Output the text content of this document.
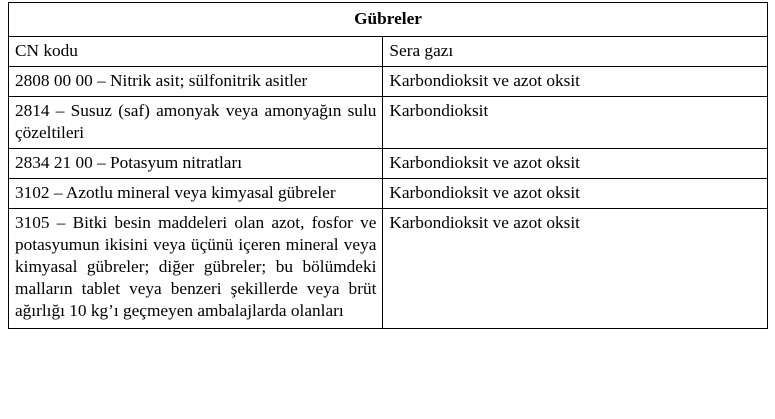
Gübreler	
CN kodu	Sera gazı
2808 00 00 – Nitrik asit; sülfonitrik asitler	Karbondioksit ve azot oksit
2814 – Susuz (saf) amonyak veya amonyağın sulu çözeltileri	Karbondioksit
2834 21 00 – Potasyum nitratları	Karbondioksit ve azot oksit
3102 – Azotlu mineral veya kimyasal gübreler	Karbondioksit ve azot oksit
3105 – Bitki besin maddeleri olan azot, fosfor ve potasyumun ikisini veya üçünü içeren mineral veya kimyasal gübreler; diğer gübreler; bu bölümdeki malların tablet veya benzeri şekillerde veya brüt ağırlığı 10 kg’ı geçmeyen ambalajlarda olanları	Karbondioksit ve azot oksit
